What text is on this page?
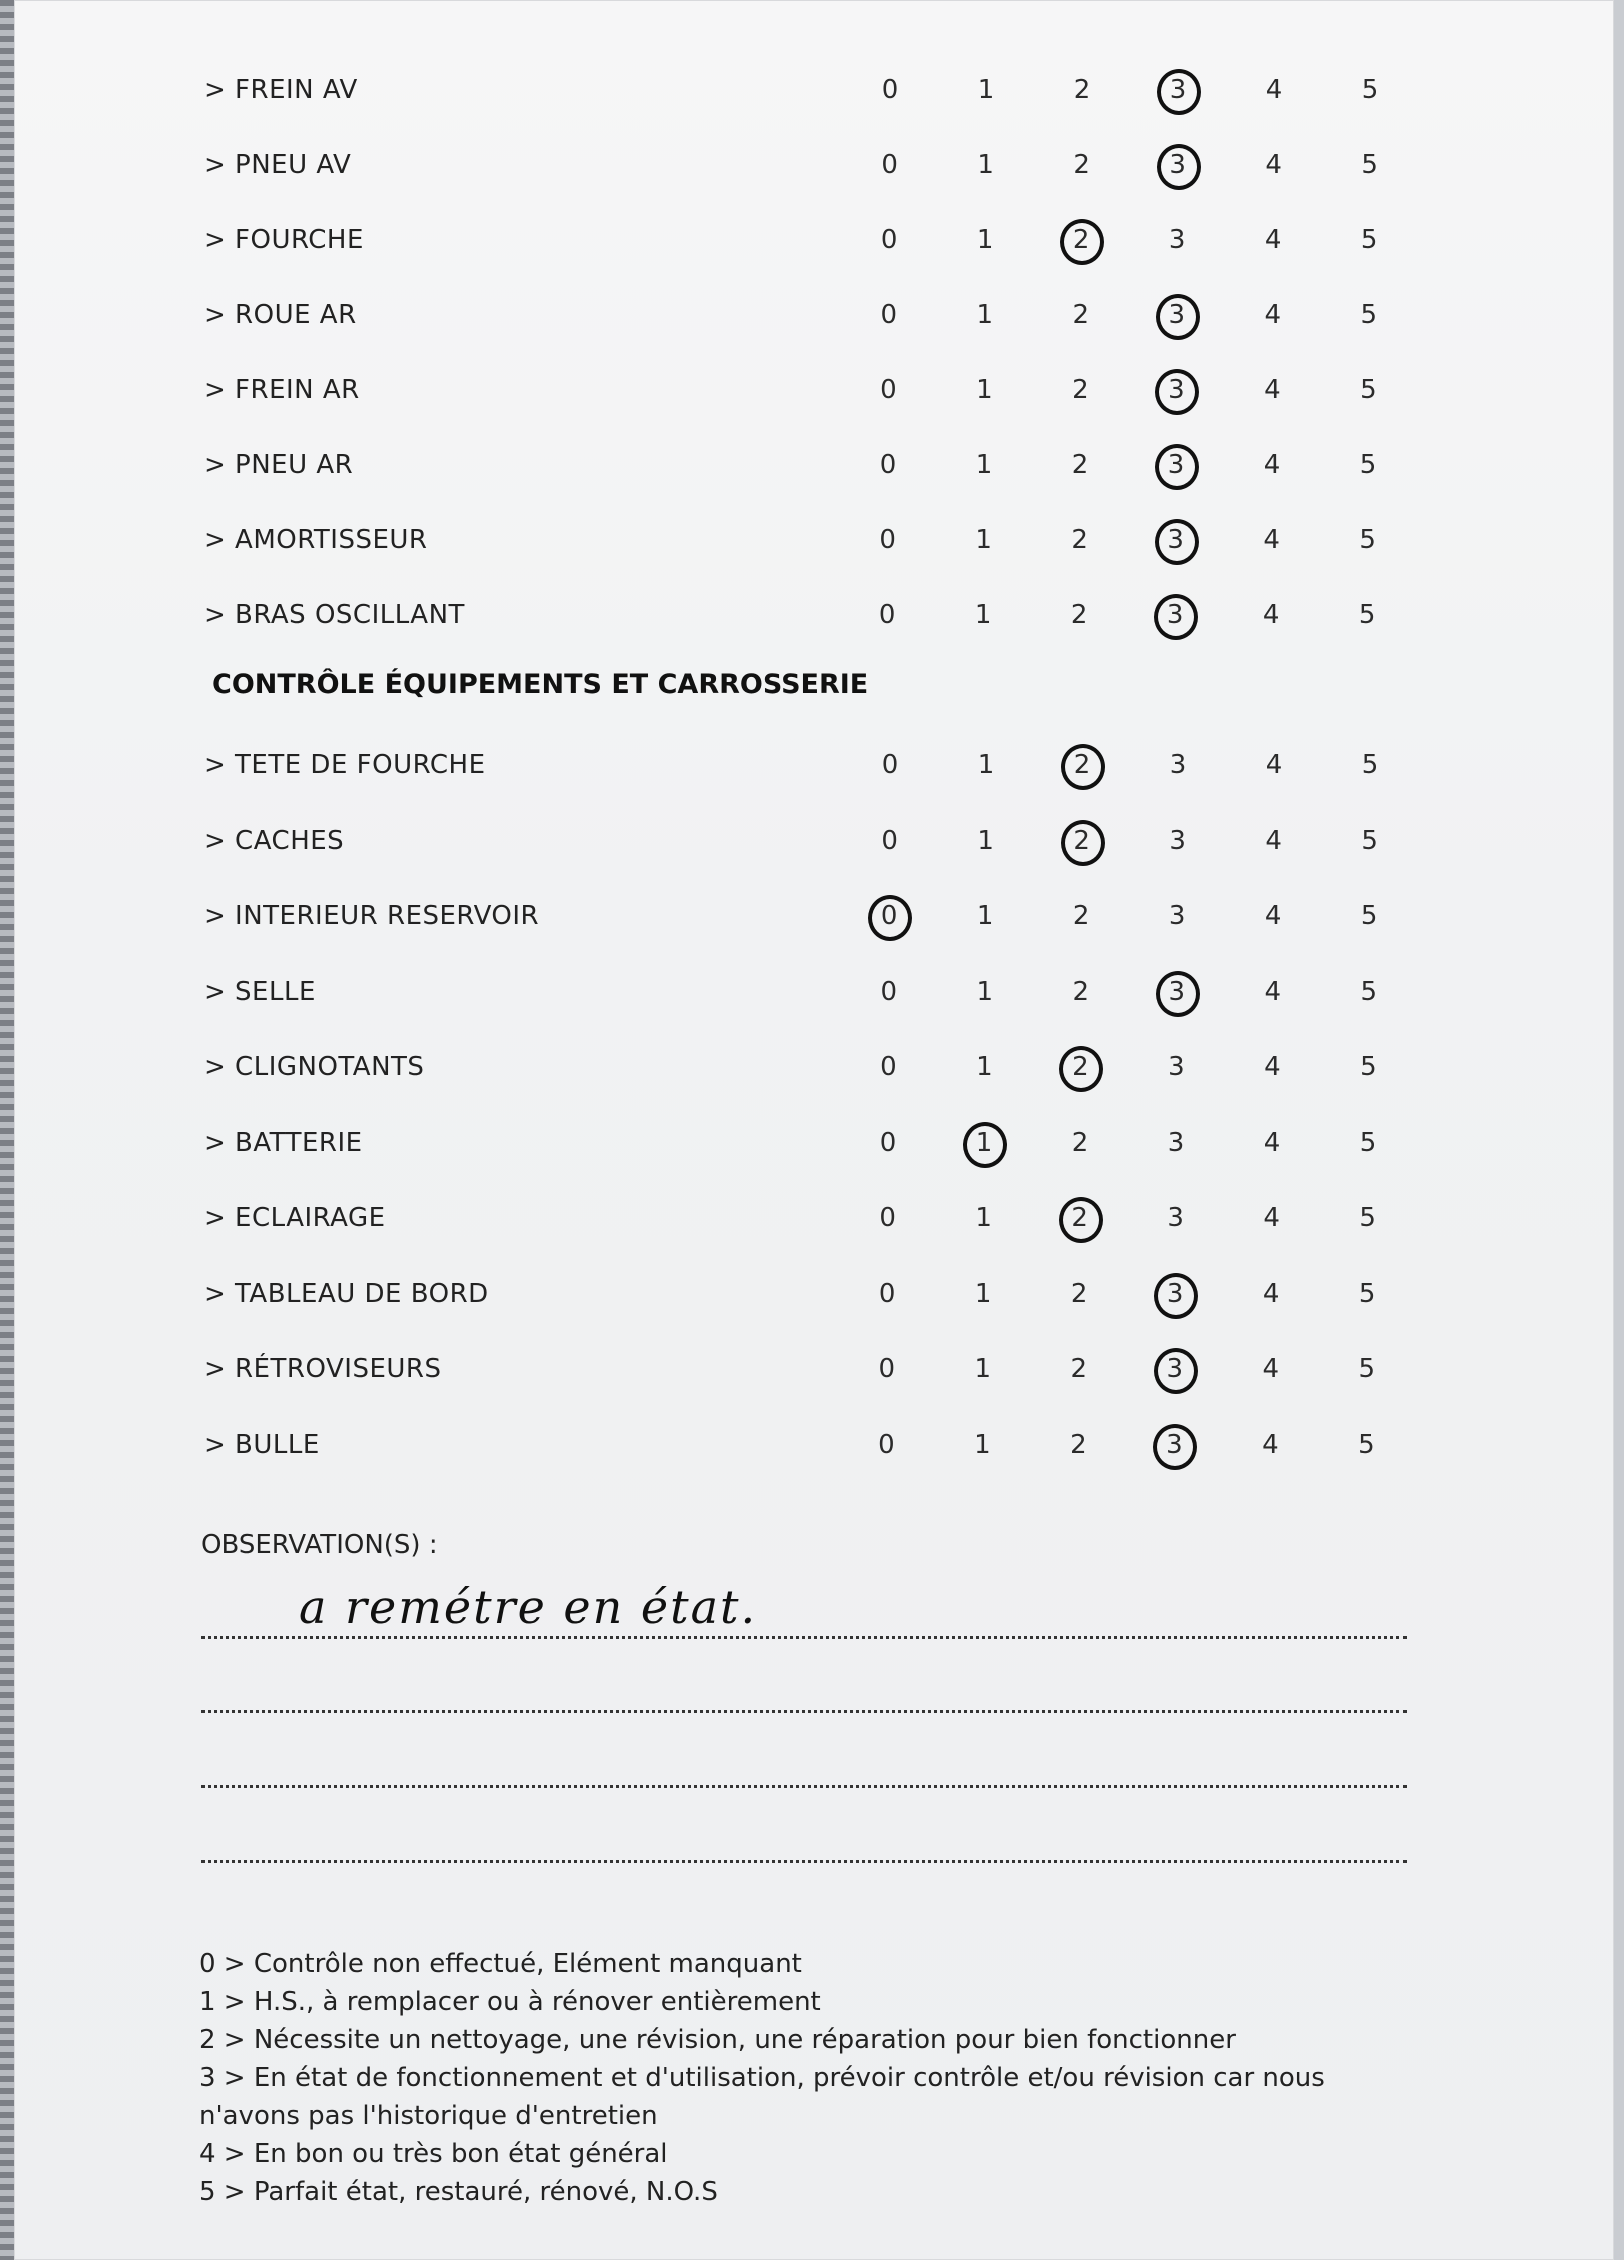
> FREIN AV	0	1	2	3	4	5
> PNEU AV	0	1	2	3	4	5
> FOURCHE	0	1	2	3	4	5
> ROUE AR	0	1	2	3	4	5
> FREIN AR	0	1	2	3	4	5
> PNEU AR	0	1	2	3	4	5
> AMORTISSEUR	0	1	2	3	4	5
> BRAS OSCILLANT	0	1	2	3	4	5
CONTRÔLE ÉQUIPEMENTS ET CARROSSERIE
> TETE DE FOURCHE	0	1	2	3	4	5
> CACHES	0	1	2	3	4	5
> INTERIEUR RESERVOIR	0	1	2	3	4	5
> SELLE	0	1	2	3	4	5
> CLIGNOTANTS	0	1	2	3	4	5
> BATTERIE	0	1	2	3	4	5
> ECLAIRAGE	0	1	2	3	4	5
> TABLEAU DE BORD	0	1	2	3	4	5
> RÉTROVISEURS	0	1	2	3	4	5
> BULLE	0	1	2	3	4	5
OBSERVATION(S) :
a remétre en état.
0 > Contrôle non effectué, Elément manquant
1 > H.S., à remplacer ou à rénover entièrement
2 > Nécessite un nettoyage, une révision, une réparation pour bien fonctionner
3 > En état de fonctionnement et d'utilisation, prévoir contrôle et/ou révision car nous n'avons pas l'historique d'entretien
4 > En bon ou très bon état général
5 > Parfait état, restauré, rénové, N.O.S
